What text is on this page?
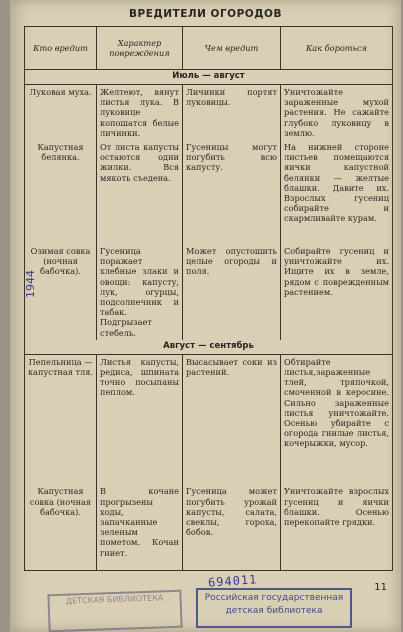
ВРЕДИТЕЛИ ОГОРОДОВ
Кто вредит	Характер повреждения	Чем вредит	Как бороться
Июль — август			
Луковая муха.	Желтеют, вянут листья лука. В луковице копошатся белые личинки.	Личинки портят луковицы.	Уничтожайте зараженные мухой растения. Не сажайте глубоко луковицу в землю.
Капустная белянка.	От листа капусты остаются одни жилки. Вся мякоть съедена.	Гусеницы могут погубить всю капусту.	На нижней стороне листьев помещаются яички капустной белянки — желтые блашки. Давите их. Взрослых гусениц собирайте и скармливайте курам.
Озимая совка (ночная бабочка).	Гусеница поражает хлебные злаки и овощи: капусту, лук, огурцы, подсолнечник и табак. Подгрызает стебель.	Может опустошить целые огороды и поля.	Собирайте гусениц и уничтожайте их. Ищите их в земле, рядом с поврежденным растением.
Август — сентябрь			
Пепельница — капустная тля.	Листья капусты, редиса, шпината точно посыпаны пеплом.	Высасывает соки из растений.	Обтирайте листья,зараженные тлей, тряпочкой, смоченной в керосине. Сильно зараженные листья уничтожайте. Осенью убирайте с огорода гнилые листья, кочерыжки, мусор.
Капустная совка (ночная бабочка).	В кочане прогрызены ходы, запачканные зеленым пометом. Кочан гниет.	Гусеница может погубить урожай капусты, салата, свеклы, гороха, бобов.	Уничтожайте взрослых гусениц и яички блашки. Осенью перекопайте грядки.
1944
694011	11
ДЕТСКАЯ БИБЛИОТЕКА	Российская государственная
детская библиотека
